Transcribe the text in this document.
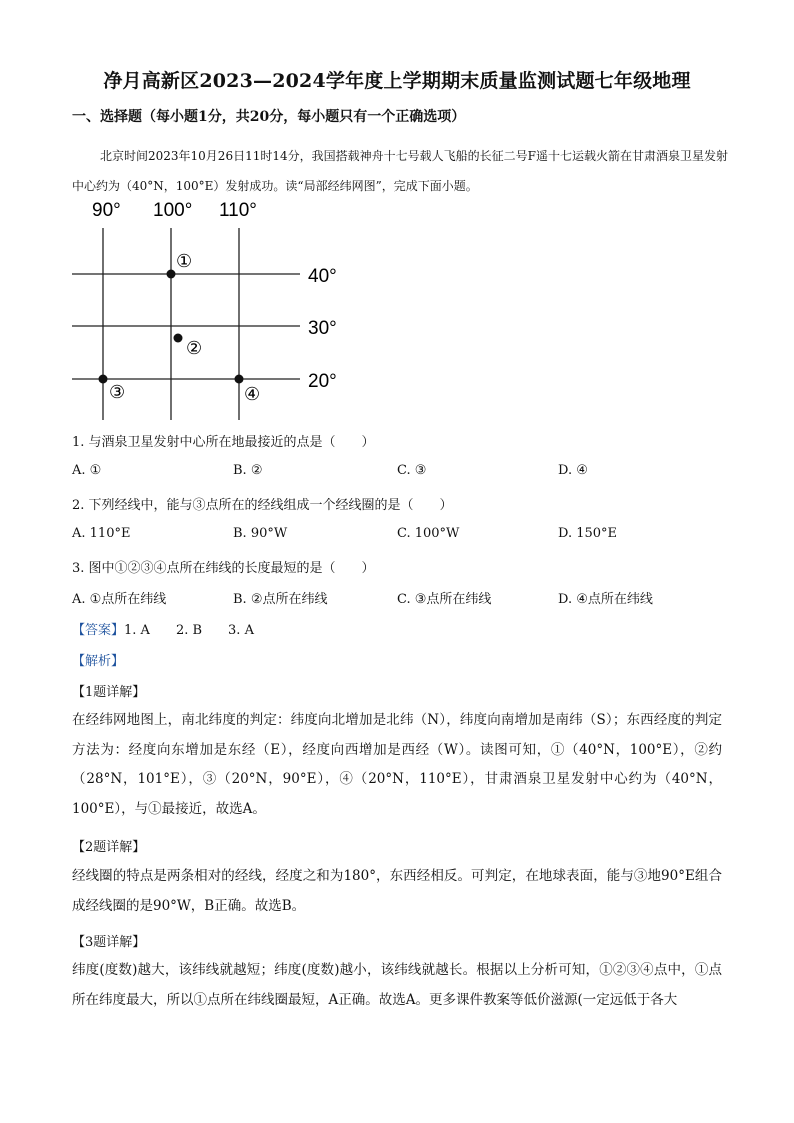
净月高新区2023—2024学年度上学期期末质量监测试题七年级地理
一、选择题（每小题1分，共20分，每小题只有一个正确选项）
北京时间2023年10月26日11时14分，我国搭载神舟十七号载人飞船的长征二号F遥十七运载火箭在甘肃酒泉卫星发射中心约为（40°N，100°E）发射成功。读“局部经纬网图”，完成下面小题。
90° 100° 110°
40°
30°
20°
①
②
③	④
1. 与酒泉卫星发射中心所在地最接近的点是（　　）
A. ①	B. ②	C. ③	D. ④
2. 下列经线中，能与③点所在的经线组成一个经线圈的是（　　）
A. 110°E	B. 90°W	C. 100°W	D. 150°E
3. 图中①②③④点所在纬线的长度最短的是（　　）
A. ①点所在纬线	B. ②点所在纬线	C. ③点所在纬线	D. ④点所在纬线
【答案】1. A　　2. B　　3. A
【解析】
【1题详解】
在经纬网地图上，南北纬度的判定：纬度向北增加是北纬（N），纬度向南增加是南纬（S）；东西经度的判定方法为：经度向东增加是东经（E），经度向西增加是西经（W）。读图可知，①（40°N，100°E），②约（28°N，101°E），③（20°N，90°E），④（20°N，110°E），甘肃酒泉卫星发射中心约为（40°N，100°E），与①最接近，故选A。
【2题详解】
经线圈的特点是两条相对的经线，经度之和为180°，东西经相反。可判定，在地球表面，能与③地90°E组合成经线圈的是90°W，B正确。故选B。
【3题详解】
纬度(度数)越大，该纬线就越短；纬度(度数)越小，该纬线就越长。根据以上分析可知，①②③④点中，①点所在纬度最大，所以①点所在纬线圈最短，A正确。故选A。更多课件教案等低价滋源(一定远低于各大
